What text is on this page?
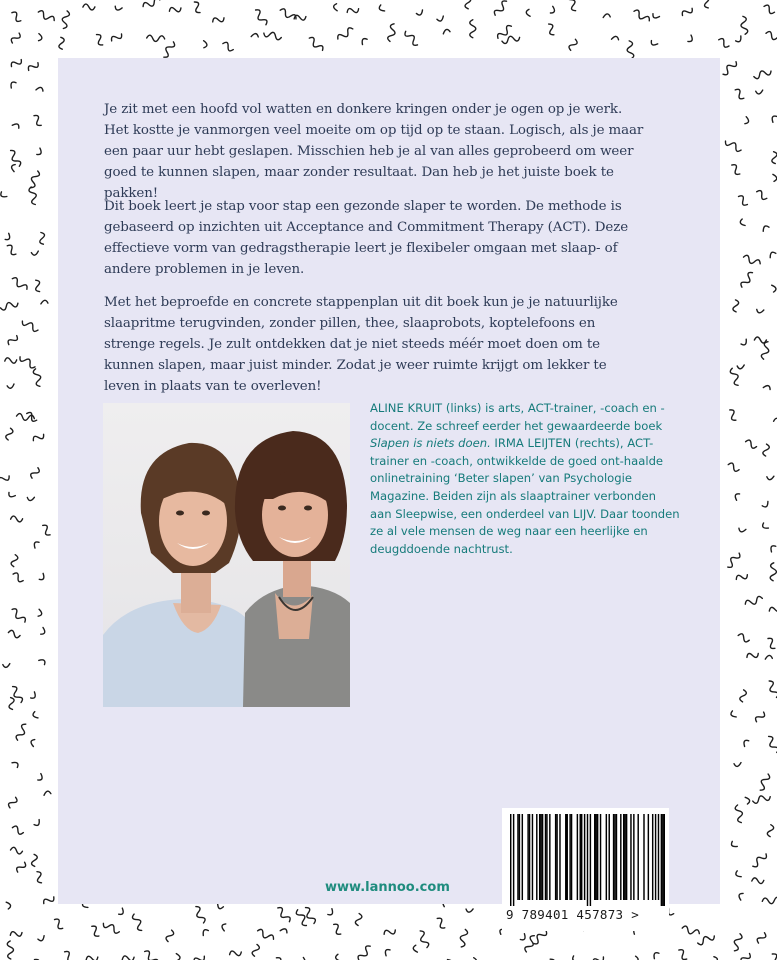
Je zit met een hoofd vol watten en donkere kringen onder je ogen op je werk. Het kostte je vanmorgen veel moeite om op tijd op te staan. Logisch, als je maar een paar uur hebt geslapen. Misschien heb je al van alles geprobeerd om weer goed te kunnen slapen, maar zonder resultaat. Dan heb je het juiste boek te pakken!

Dit boek leert je stap voor stap een gezonde slaper te worden. De methode is gebaseerd op inzichten uit Acceptance and Commitment Therapy (ACT). Deze effectieve vorm van gedragstherapie leert je flexibeler omgaan met slaap- of andere problemen in je leven.

Met het beproefde en concrete stappenplan uit dit boek kun je je natuurlijke slaapritme terugvinden, zonder pillen, thee, slaaprobots, koptelefoons en strenge regels. Je zult ontdekken dat je niet steeds méér moet doen om te kunnen slapen, maar juist minder. Zodat je weer ruimte krijgt om lekker te leven in plaats van te overleven!

ALINE KRUIT (links) is arts, ACT-trainer, -coach en -docent. Ze schreef eerder het gewaardeerde boek Slapen is niets doen. IRMA LEIJTEN (rechts), ACT-trainer en -coach, ontwikkelde de goed ont-haalde onlinetraining ‘Beter slapen’ van Psychologie Magazine. Beiden zijn als slaaptrainer verbonden aan Sleepwise, een onderdeel van LIJV. Daar toonden ze al vele mensen de weg naar een heerlijke en deugddoende nachtrust.

www.lannoo.com
9 789401 457873 >
